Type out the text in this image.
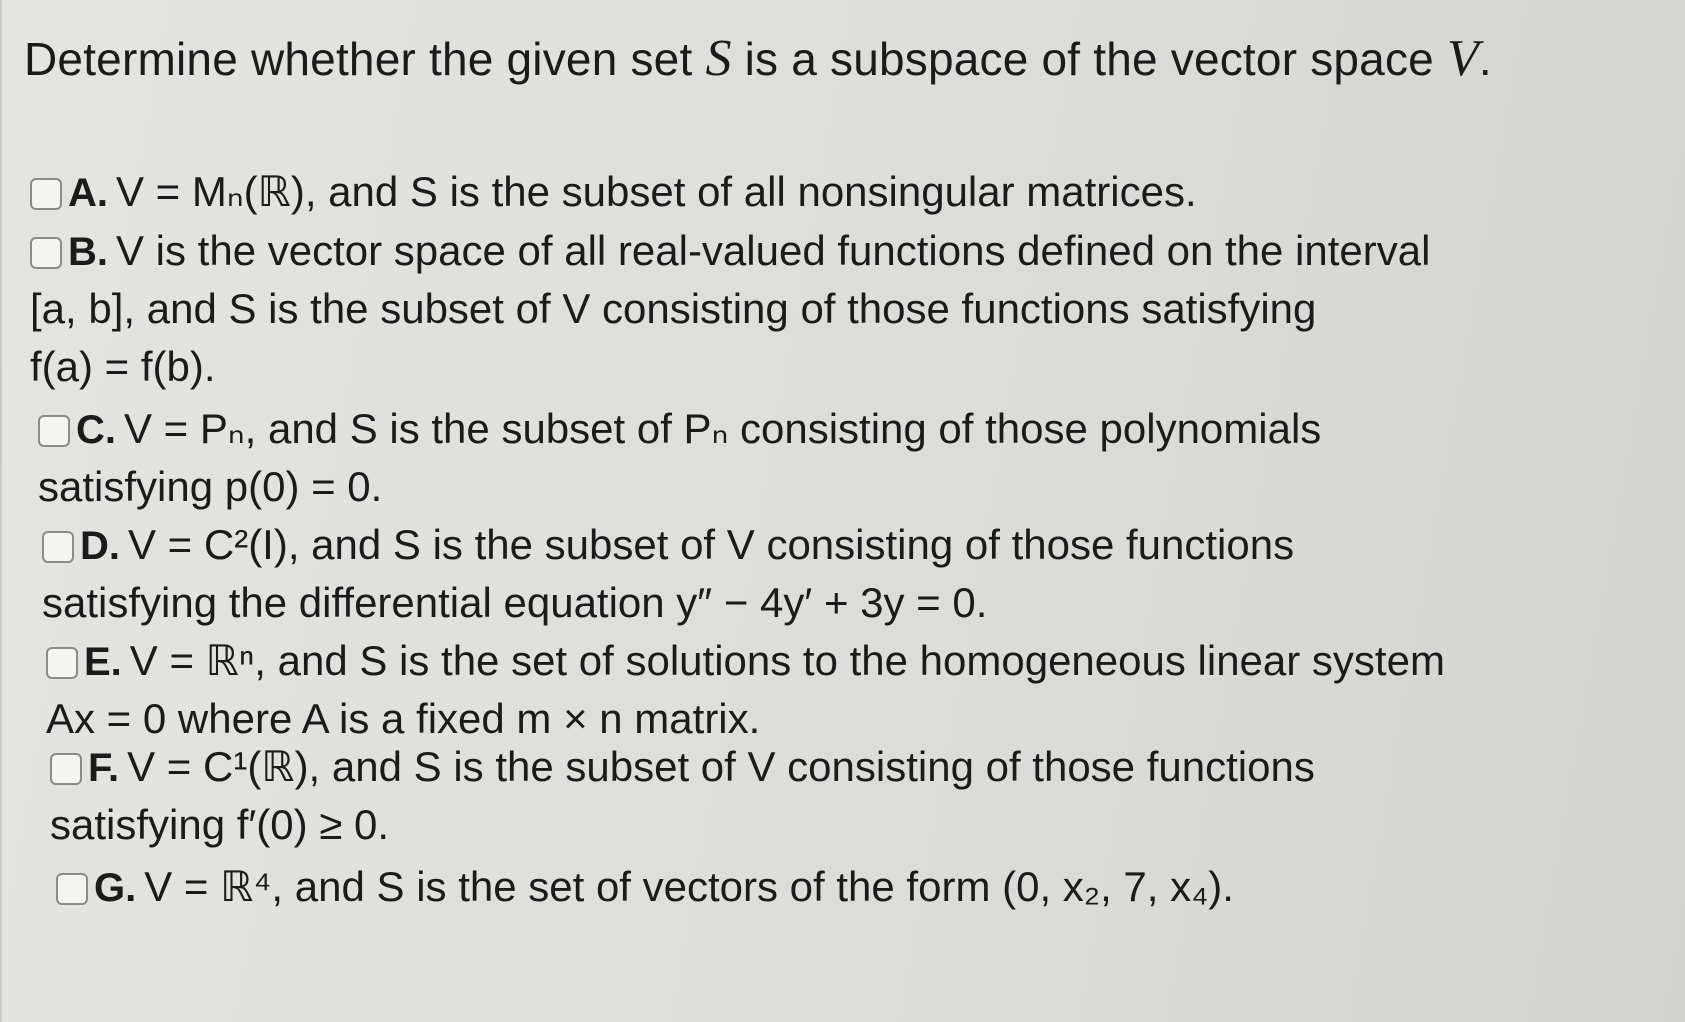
Determine whether the given set S is a subspace of the vector space V.
A. V = Mₙ(ℝ), and S is the subset of all nonsingular matrices.
B. V is the vector space of all real-valued functions defined on the interval
[a, b], and S is the subset of V consisting of those functions satisfying
f(a) = f(b).
C. V = Pₙ, and S is the subset of Pₙ consisting of those polynomials
satisfying p(0) = 0.
D. V = C²(I), and S is the subset of V consisting of those functions
satisfying the differential equation y″ − 4y′ + 3y = 0.
E. V = ℝⁿ, and S is the set of solutions to the homogeneous linear system
Ax = 0 where A is a fixed m × n matrix.
F. V = C¹(ℝ), and S is the subset of V consisting of those functions
satisfying f′(0) ≥ 0.
G. V = ℝ⁴, and S is the set of vectors of the form (0, x₂, 7, x₄).
